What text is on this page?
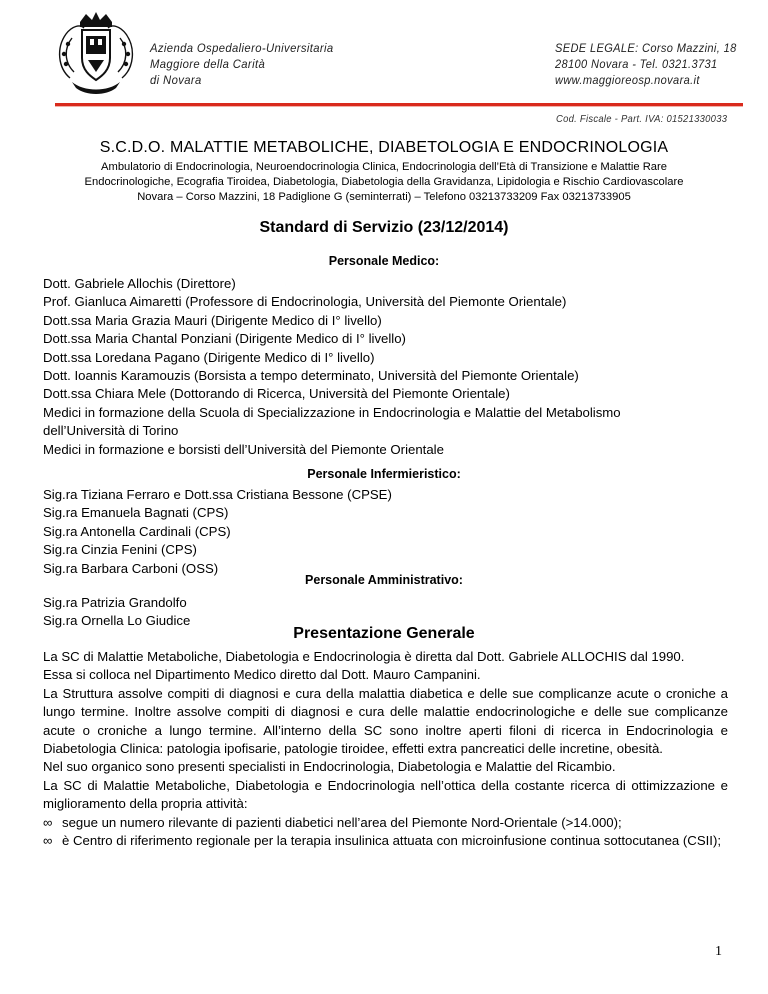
Azienda Ospedaliero-Universitaria
Maggiore della Carità
di Novara
SEDE LEGALE: Corso Mazzini, 18
28100 Novara - Tel. 0321.3731
www.maggioreosp.novara.it
Cod. Fiscale - Part. IVA: 01521330033
S.C.D.O. MALATTIE METABOLICHE, DIABETOLOGIA E ENDOCRINOLOGIA
Ambulatorio di Endocrinologia, Neuroendocrinologia Clinica, Endocrinologia dell’Età di Transizione e Malattie Rare
Endocrinologiche, Ecografia Tiroidea, Diabetologia, Diabetologia della Gravidanza, Lipidologia e Rischio Cardiovascolare
Novara – Corso Mazzini, 18 Padiglione G (seminterrati) – Telefono 03213733209 Fax 03213733905
Standard di Servizio (23/12/2014)
Personale Medico:
Dott. Gabriele Allochis (Direttore)
Prof. Gianluca Aimaretti (Professore di Endocrinologia, Università del Piemonte Orientale)
Dott.ssa Maria Grazia Mauri (Dirigente Medico di I° livello)
Dott.ssa Maria Chantal Ponziani (Dirigente Medico di I° livello)
Dott.ssa Loredana Pagano (Dirigente Medico di I° livello)
Dott. Ioannis Karamouzis (Borsista a tempo determinato, Università del Piemonte Orientale)
Dott.ssa Chiara Mele (Dottorando di Ricerca, Università del Piemonte Orientale)
Medici in formazione della Scuola di Specializzazione in Endocrinologia e Malattie del Metabolismo
dell’Università di Torino
Medici in formazione e borsisti dell’Università del Piemonte Orientale
Personale Infermieristico:
Sig.ra Tiziana Ferraro e Dott.ssa Cristiana Bessone (CPSE)
Sig.ra Emanuela Bagnati (CPS)
Sig.ra Antonella Cardinali (CPS)
Sig.ra Cinzia Fenini (CPS)
Sig.ra Barbara Carboni (OSS)
Personale Amministrativo:
Sig.ra Patrizia Grandolfo
Sig.ra Ornella Lo Giudice
Presentazione Generale

La SC di Malattie Metaboliche, Diabetologia e Endocrinologia è diretta dal Dott. Gabriele ALLOCHIS dal 1990.

Essa si colloca nel Dipartimento Medico diretto dal Dott. Mauro Campanini.

La Struttura assolve compiti di diagnosi e cura della malattia diabetica e delle sue complicanze acute o croniche a lungo termine. Inoltre assolve compiti di diagnosi e cura delle malattie endocrinologiche e delle sue complicanze acute o croniche a lungo termine. All’interno della SC sono inoltre aperti filoni di ricerca in Endocrinologia e Diabetologia Clinica: patologia ipofisarie, patologie tiroidee, effetti extra pancreatici delle incretine, obesità.

Nel suo organico sono presenti specialisti in Endocrinologia, Diabetologia e Malattie del Ricambio.

La SC di Malattie Metaboliche, Diabetologia e Endocrinologia nell’ottica della costante ricerca di ottimizzazione e miglioramento della propria attività:

∞ segue un numero rilevante di pazienti diabetici nell’area del Piemonte Nord-Orientale (>14.000);
∞ è Centro di riferimento regionale per la terapia insulinica attuata con microinfusione continua sottocutanea (CSII);
1
